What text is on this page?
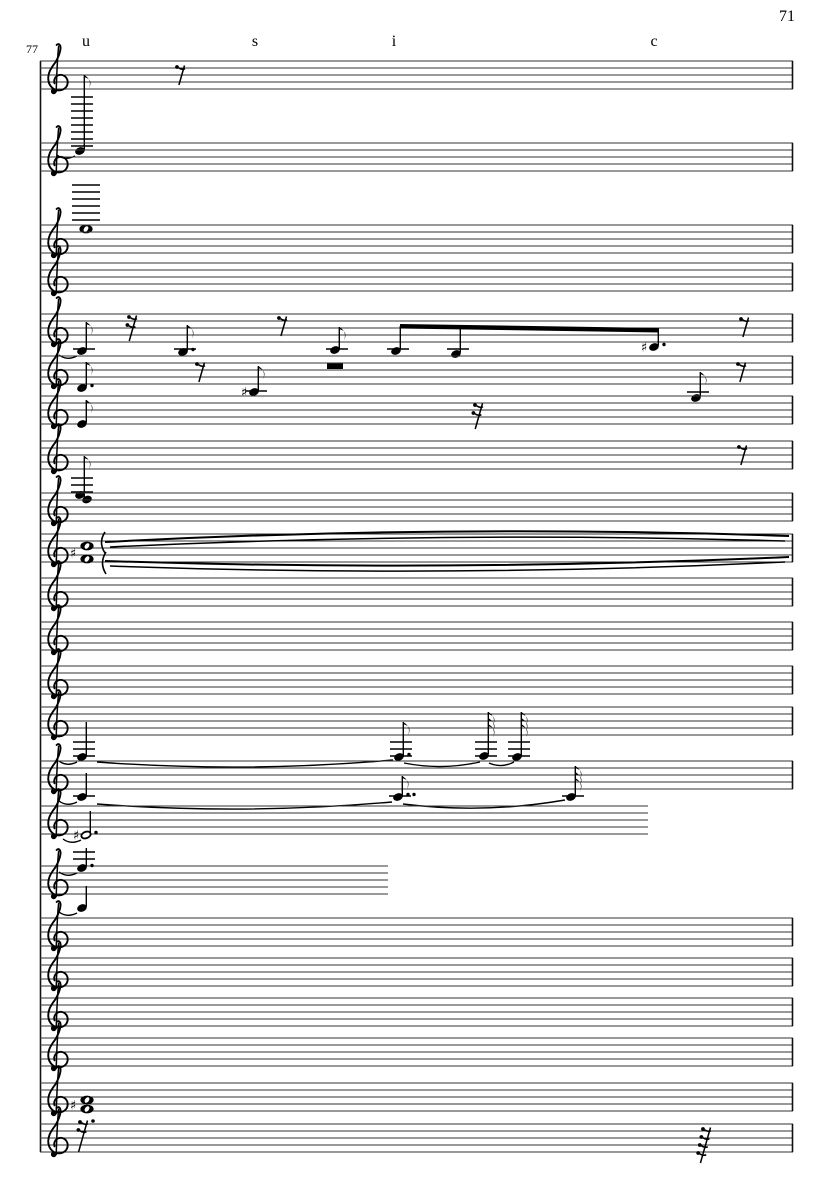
♯
♯
♯
♯
♯
71
77	u	s	i	c
